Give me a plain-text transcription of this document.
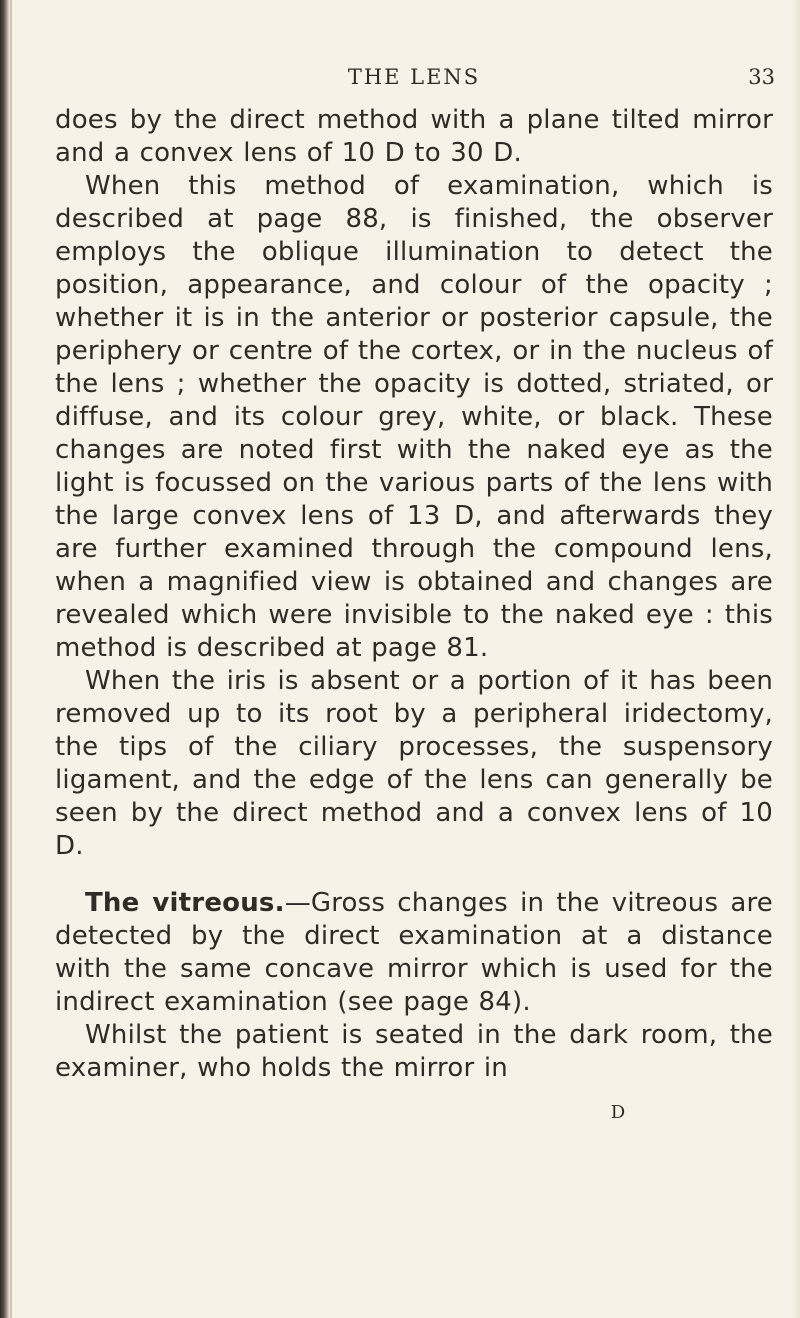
THE LENS	33

does by the direct method with a plane tilted mirror and a convex lens of 10 D to 30 D.

When this method of examination, which is described at page 88, is finished, the observer employs the oblique illumination to detect the position, appearance, and colour of the opacity ; whether it is in the anterior or posterior capsule, the periphery or centre of the cortex, or in the nucleus of the lens ; whether the opacity is dotted, striated, or diffuse, and its colour grey, white, or black. These changes are noted first with the naked eye as the light is focussed on the various parts of the lens with the large convex lens of 13 D, and afterwards they are further examined through the compound lens, when a magnified view is obtained and changes are revealed which were invisible to the naked eye : this method is described at page 81.

When the iris is absent or a portion of it has been removed up to its root by a peripheral iridectomy, the tips of the ciliary processes, the suspensory ligament, and the edge of the lens can generally be seen by the direct method and a convex lens of 10 D.

The vitreous.—Gross changes in the vitreous are detected by the direct examination at a distance with the same concave mirror which is used for the indirect examination (see page 84).

Whilst the patient is seated in the dark room, the examiner, who holds the mirror in

D
